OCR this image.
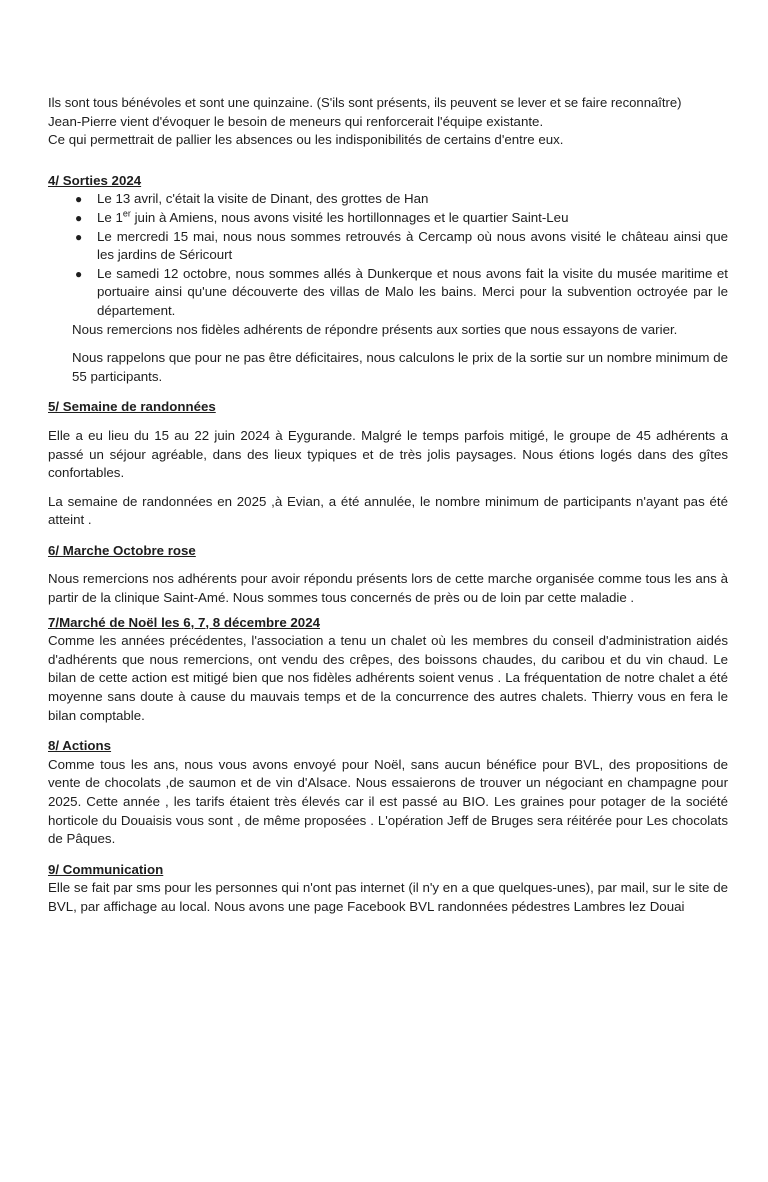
Ils sont tous bénévoles et sont une quinzaine. (S'ils sont présents, ils peuvent se lever et se faire reconnaître)

Jean-Pierre vient d'évoquer le besoin de meneurs qui renforcerait l'équipe existante.

Ce qui permettrait de pallier les absences ou les indisponibilités de certains d'entre eux.

4/ Sorties 2024

● Le 13 avril, c'était la visite de Dinant, des grottes de Han
● Le 1er juin à Amiens, nous avons visité les hortillonnages et le quartier Saint-Leu
● Le mercredi 15 mai, nous nous sommes retrouvés à Cercamp où nous avons visité le château ainsi que les jardins de Séricourt
● Le samedi 12 octobre, nous sommes allés à Dunkerque et nous avons fait la visite du musée maritime et portuaire ainsi qu'une découverte des villas de Malo les bains. Merci pour la subvention octroyée par le département.

Nous remercions nos fidèles adhérents de répondre présents aux sorties que nous essayons de varier.

Nous rappelons que pour ne pas être déficitaires, nous calculons le prix de la sortie sur un nombre minimum de 55 participants.

5/ Semaine de randonnées

Elle a eu lieu du 15 au 22 juin 2024 à Eygurande. Malgré le temps parfois mitigé, le groupe de 45 adhérents a passé un séjour agréable, dans des lieux typiques et de très jolis paysages. Nous étions logés dans des gîtes confortables.

La semaine de randonnées en 2025 ,à Evian, a été annulée, le nombre minimum de participants n'ayant pas été atteint .

6/ Marche Octobre rose

Nous remercions nos adhérents pour avoir répondu présents lors de cette marche organisée comme tous les ans à partir de la clinique Saint-Amé. Nous sommes tous concernés de près ou de loin par cette maladie .

7/Marché de Noël les 6, 7, 8 décembre 2024

Comme les années précédentes, l'association a tenu un chalet où les membres du conseil d'administration aidés d'adhérents que nous remercions, ont vendu des crêpes, des boissons chaudes, du caribou et du vin chaud. Le bilan de cette action est mitigé bien que nos fidèles adhérents soient venus . La fréquentation de notre chalet a été moyenne sans doute à cause du mauvais temps et de la concurrence des autres chalets. Thierry vous en fera le bilan comptable.

8/ Actions

Comme tous les ans, nous vous avons envoyé pour Noël, sans aucun bénéfice pour BVL, des propositions de vente de chocolats ,de saumon et de vin d'Alsace. Nous essaierons de trouver un négociant en champagne pour 2025. Cette année , les tarifs étaient très élevés car il est passé au BIO. Les graines pour potager de la société horticole du Douaisis vous sont , de même proposées . L'opération Jeff de Bruges sera réitérée pour Les chocolats de Pâques.

9/ Communication

Elle se fait par sms pour les personnes qui n'ont pas internet (il n'y en a que quelques-unes), par mail, sur le site de BVL, par affichage au local. Nous avons une page Facebook BVL randonnées pédestres Lambres lez Douai
